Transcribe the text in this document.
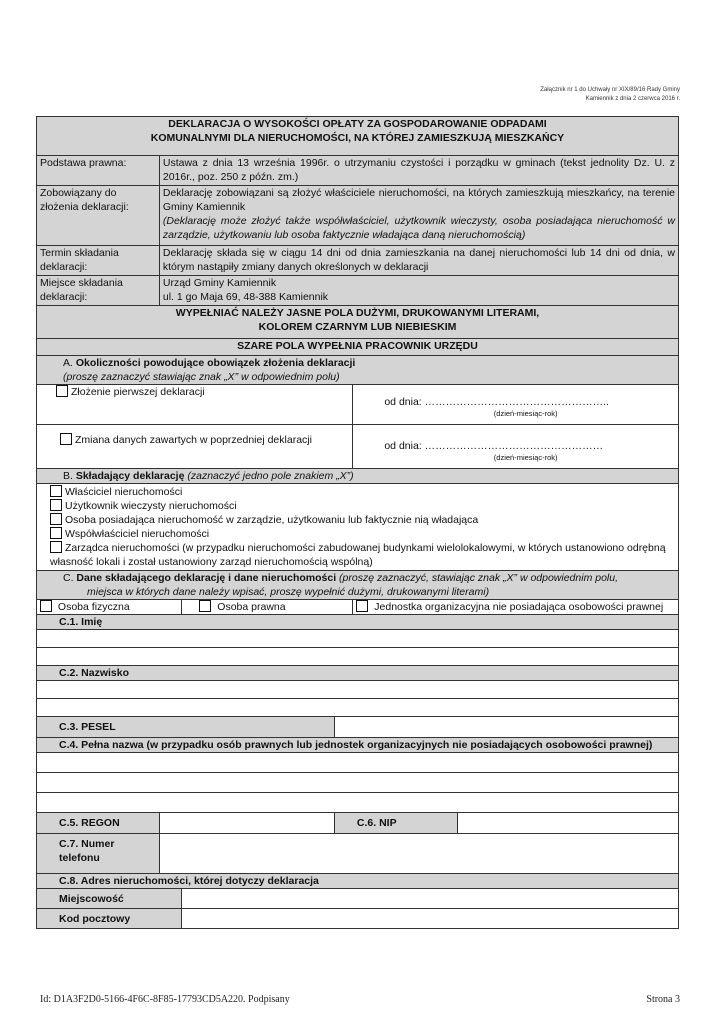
Załącznik nr 1 do Uchwały nr XIX/89/16 Rady Gminy
Kamiennik z dnia 2 czerwca 2016 r.
DEKLARACJA O WYSOKOŚCI OPŁATY ZA GOSPODAROWANIE ODPADAMI
KOMUNALNYMI DLA NIERUCHOMOŚCI, NA KTÓREJ ZAMIESZKUJĄ MIESZKAŃCY				

Podstawa prawna:	Ustawa z dnia 13 września 1996r. o utrzymaniu czystości i porządku w gminach (tekst jednolity Dz. U. z 2016r., poz. 250 z późn. zm.)			
Zobowiązany do złożenia deklaracji:	Deklarację zobowiązani są złożyć właściciele nieruchomości, na których zamieszkują mieszkańcy, na terenie Gminy Kamiennik
(Deklarację może złożyć także współwłaściciel, użytkownik wieczysty, osoba posiadająca nieruchomość w zarządzie, użytkowaniu lub osoba faktycznie władająca daną nieruchomością)			

Termin składania deklaracji:	Deklarację składa się w ciągu 14 dni od dnia zamieszkania na danej nieruchomości lub 14 dni od dnia, w którym nastąpiły zmiany danych określonych w deklaracji			
Miejsce składania deklaracji:	Urząd Gminy Kamiennik
ul. 1 go Maja 69, 48-388 Kamiennik			

WYPEŁNIAĆ NALEŻY JASNE POLA DUŻYMI, DRUKOWANYMI LITERAMI,
KOLOREM CZARNYM LUB NIEBIESKIM				

SZARE POLA WYPEŁNIA PRACOWNIK URZĘDU				

A. Okoliczności powodujące obowiązek złożenia deklaracji
(proszę zaznaczyć stawiając znak „X” w odpowiednim polu)				

Złożenie pierwszej deklaracji				od dnia: ……………………………………………..
(dzień-miesiąc-rok)

Zmiana danych zawartych w poprzedniej deklaracji				od dnia: ……………………………………………
(dzień-miesiąc-rok)

B. Składający deklarację (zaznaczyć jedno pole znakiem „X”)				

Właściciel nieruchomości
Użytkownik wieczysty nieruchomości
Osoba posiadająca nieruchomość w zarządzie, użytkowaniu lub faktycznie nią władająca
Współwłaściciel nieruchomości
Zarządca nieruchomości (w przypadku nieruchomości zabudowanej budynkami wielolokalowymi, w których ustanowiono odrębną własność lokali i został ustanowiony zarząd nieruchomością wspólną)				

C. Dane składającego deklarację i dane nieruchomości (proszę zaznaczyć, stawiając znak „X” w odpowiednim polu,
miejsca w których dane należy wpisać, proszę wypełnić dużymi, drukowanymi literami)				

Osoba fizyczna		Osoba prawna		Jednostka organizacyjna nie posiadająca osobowości prawnej
C.1. Imię				

C.2. Nazwisko				

C.3. PESEL				
C.4. Pełna nazwa (w przypadku osób prawnych lub jednostek organizacyjnych nie posiadających osobowości prawnej)				

C.5. REGON			C.6. NIP	

C.7. Numer telefonu				
C.8. Adres nieruchomości, której dotyczy deklaracja				
Miejscowość				
Kod pocztowy				
Id: D1A3F2D0-5166-4F6C-8F85-17793CD5A220. Podpisany	Strona 3
